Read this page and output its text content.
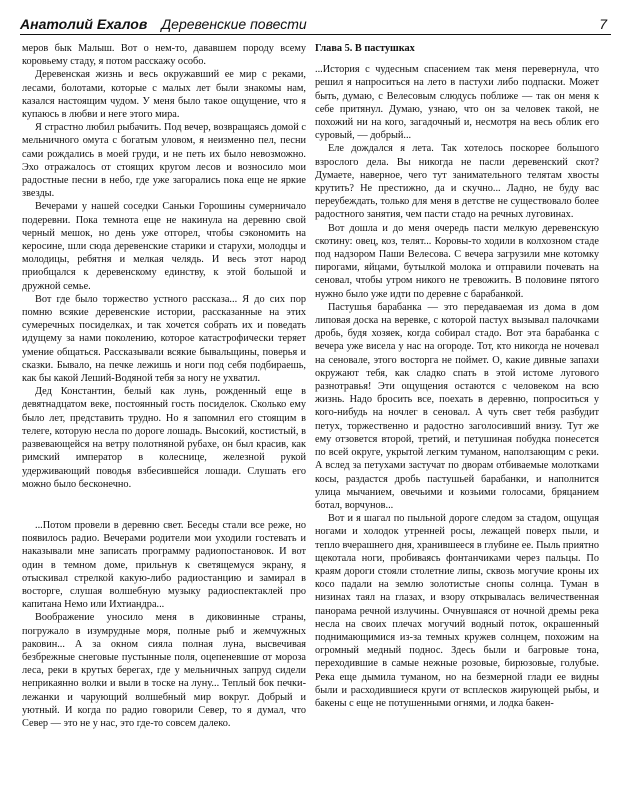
Анатолий Ехалов Деревенские повести	7

меров бык Малыш. Вот о нем-то, дававшем породу всему коровьему стаду, я потом расскажу особо.

Деревенская жизнь и весь окружавший ее мир с реками, лесами, болотами, которые с малых лет были знакомы нам, казался настоящим чудом. У меня было такое ощущение, что я купаюсь в любви и неге этого мира.

Я страстно любил рыбачить. Под вечер, возвращаясь домой с мельничного омута с богатым уловом, я неизменно пел, песни сами рождались в моей груди, и не петь их было невозможно. Эхо отражалось от стоящих кругом лесов и возносило мои радостные песни в небо, где уже загорались пока еще не яркие звезды.

Вечерами у нашей соседки Саньки Горошины сумерничало подеревни. Пока темнота еще не накинула на деревню свой черный мешок, но день уже отгорел, чтобы сэкономить на керосине, шли сюда деревенские старики и старухи, молодцы и молодицы, ребятня и мелкая челядь. И весь этот народ приобщался к деревенскому единству, к этой большой и дружной семье.

Вот где было торжество устного рассказа... Я до сих пор помню всякие деревенские истории, рассказанные на этих сумеречных посиделках, и так хочется собрать их и поведать идущему за нами поколению, которое катастрофически теряет умение общаться. Рассказывали всякие бывальщины, поверья и сказки. Бывало, на печке лежишь и ноги под себя подбираешь, как бы какой Леший-Водяной тебя за ногу не ухватил.

Дед Константин, белый как лунь, рожденный еще в девятнадцатом веке, постоянный гость посиделок. Сколько ему было лет, представить трудно. Но я запомнил его стоящим в телеге, которую несла по дороге лошадь. Высокий, костистый, в развевающейся на ветру полотняной рубахе, он был красив, как римский император в колеснице, железной рукой удерживающий поводья взбесившейся лошади. Слушать его можно было бесконечно.

...Потом провели в деревню свет. Беседы стали все реже, но появилось радио. Вечерами родители мои уходили гостевать и наказывали мне записать программу радиопостановок. И вот один в темном доме, прильнув к светящемуся экрану, я отыскивал стрелкой какую-либо радиостанцию и замирал в восторге, слушая волшебную музыку радиоспектаклей про капитана Немо или Ихтиандра...

Воображение уносило меня в диковинные страны, погружало в изумрудные моря, полные рыб и жемчужных раковин... А за окном сияла полная луна, высвечивая безбрежные снеговые пустынные поля, оцепеневшие от мороза леса, реки в крутых берегах, где у мельничных запруд сидели неприкаянно волки и выли в тоске на луну... Теплый бок печки-лежанки и чарующий волшебный мир вокруг. Добрый и уютный. И когда по радио говорили Север, то я думал, что Север — это не у нас, это где-то совсем далеко.

Глава 5. В пастушках

...История с чудесным спасением так меня перевернула, что решил я напроситься на лето в пастухи либо подпаски. Может быть, думаю, с Велесовым слюдусь поближе — так он меня к себе притянул. Думаю, узнаю, что он за человек такой, не похожий ни на кого, загадочный и, несмотря на весь облик его суровый, — добрый...

Еле дождался я лета. Так хотелось поскорее большого взрослого дела. Вы никогда не пасли деревенский скот? Думаете, наверное, чего тут занимательного телятам хвосты крутить? Не престижно, да и скучно... Ладно, не буду вас переубеждать, только для меня в детстве не существовало более радостного занятия, чем пасти стадо на речных луговинах.

Вот дошла и до меня очередь пасти мелкую деревенскую скотину: овец, коз, телят... Коровы-то ходили в колхозном стаде под надзором Паши Велесова. С вечера загрузили мне котомку пирогами, яйцами, бутылкой молока и отправили почевать на сеновал, чтобы утром никого не тревожить. В половине пятого нужно было уже идти по деревне с барабанкой.

Пастушья барабанка — это передаваемая из дома в дом липовая доска на веревке, с которой пастух вызывал палочками дробь, будя хозяек, когда собирал стадо. Вот эта барабанка с вечера уже висела у нас на огороде. Тот, кто никогда не ночевал на сеновале, этого восторга не поймет. О, какие дивные запахи окружают тебя, как сладко спать в этой истоме лугового разнотравья! Эти ощущения остаются с человеком на всю жизнь. Надо бросить все, поехать в деревню, попроситься у кого-нибудь на ночлег в сеновал. А чуть свет тебя разбудит петух, торжественно и радостно заголосивший внизу. Тут же ему отзовется второй, третий, и петушиная побудка понесется по всей округе, укрытой легким туманом, наползающим с реки. А вслед за петухами застучат по дворам отбиваемые молотками косы, раздастся дробь пастушьей барабанки, и наполнится улица мычанием, овечьими и козьими голосами, бряцанием ботал, ворчунов...

Вот и я шагал по пыльной дороге следом за стадом, ощущая ногами и холодок утренней росы, лежащей поверх пыли, и тепло вчерашнего дня, хранившееся в глубине ее. Пыль приятно щекотала ноги, пробиваясь фонтанчиками через пальцы. По краям дороги стояли столетние липы, сквозь могучие кроны их косо падали на землю золотистые снопы солнца. Туман в низинах таял на глазах, и взору открывалась величественная панорама речной излучины. Очнувшаяся от ночной дремы река несла на своих плечах могучий водный поток, окрашенный поднимающимися из-за темных кружев солнцем, похожим на огромный медный поднос. Здесь были и багровые тона, переходившие в самые нежные розовые, бирюзовые, голубые. Река еще дымила туманом, но на безмерной глади ее видны были и расходившиеся круги от всплесков жирующей рыбы, и бакены с еще не потушенными огнями, и лодка бакен-
